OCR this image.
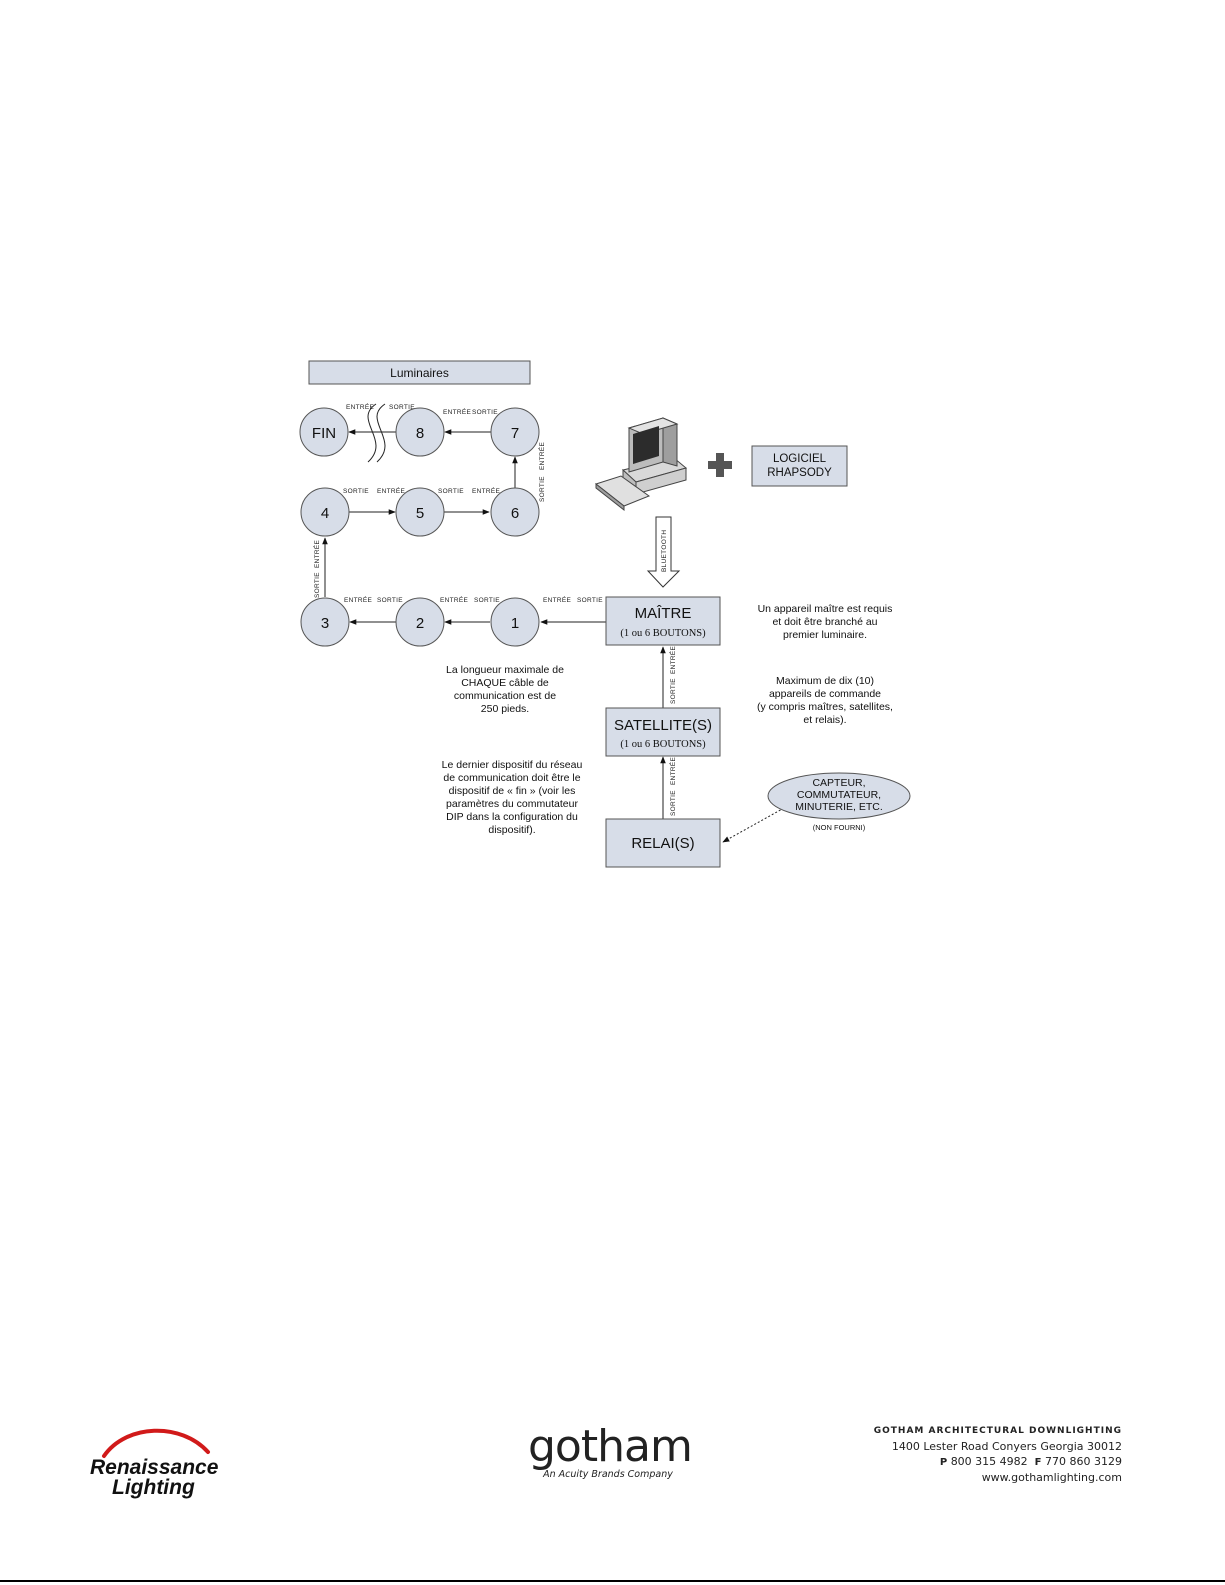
Luminaires
FIN	8	7
4	5	6
3	2	1
ENTRÉE SORTIE
ENTRÉE SORTIE
SORTIE ENTRÉE	SORTIE ENTRÉE
ENTRÉE SORTIE	ENTRÉE SORTIE	ENTRÉE SORTIE
ENTRÉE
SORTIE
ENTRÉE
SORTIE
ENTRÉE
SORTIE
ENTRÉE
SORTIE
LOGICIEL
RHAPSODY
BLUETOOTH
MAÎTRE
(1 ou 6 BOUTONS)
SATELLITE(S)
(1 ou 6 BOUTONS)
RELAI(S)
CAPTEUR,
COMMUTATEUR,
MINUTERIE, ETC.
(NON FOURNI)
Un appareil maître est requis
et doit être branché au
premier luminaire.
Maximum de dix (10)
appareils de commande
(y compris maîtres, satellites,
et relais).
La longueur maximale de
CHAQUE câble de
communication est de
250 pieds.
Le dernier dispositif du réseau
de communication doit être le
dispositif de « fin » (voir les
paramètres du commutateur
DIP dans la configuration du
dispositif).
Renaissance
Lighting
gotham
An Acuity Brands Company
GOTHAM ARCHITECTURAL DOWNLIGHTING
1400 Lester Road Conyers Georgia 30012
P 800 315 4982 F 770 860 3129
www.gothamlighting.com
